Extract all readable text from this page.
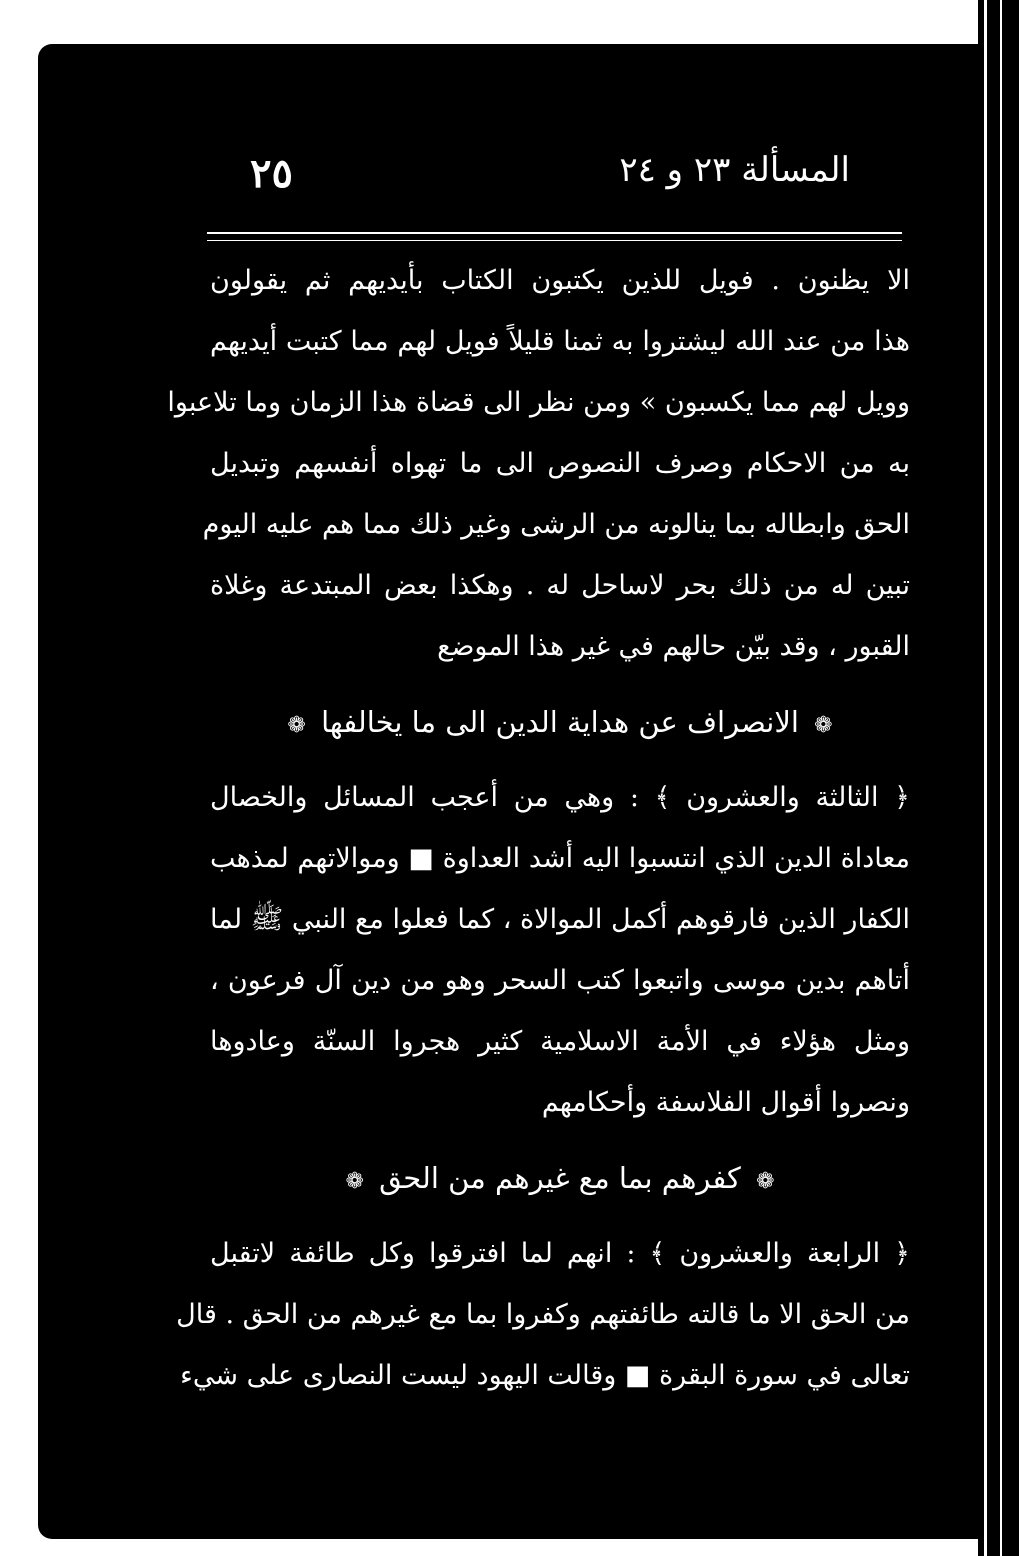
المسألة ٢٣ و ٢٤
٢٥
الا يظنون . فويل للذين يكتبون الكتاب بأيديهم ثم يقولون
هذا من عند الله ليشتروا به ثمنا قليلاً فويل لهم مما كتبت أيديهم
وويل لهم مما يكسبون » ومن نظر الى قضاة هذا الزمان وما تلاعبوا
به من الاحكام وصرف النصوص الى ما تهواه أنفسهم وتبديل
الحق وابطاله بما ينالونه من الرشى وغير ذلك مما هم عليه اليوم
تبين له من ذلك بحر لاساحل له . وهكذا بعض المبتدعة وغلاة
القبور ، وقد بيّن حالهم في غير هذا الموضع
❁ الانصراف عن هداية الدين الى ما يخالفها ❁
﴿ الثالثة والعشرون ﴾ : وهي من أعجب المسائل والخصال
معاداة الدين الذي انتسبوا اليه أشد العداوة ■ وموالاتهم لمذهب
الكفار الذين فارقوهم أكمل الموالاة ، كما فعلوا مع النبي ﷺ لما
أتاهم بدين موسى واتبعوا كتب السحر وهو من دين آل فرعون ،
ومثل هؤلاء في الأمة الاسلامية كثير هجروا السنّة وعادوها
ونصروا أقوال الفلاسفة وأحكامهم
❁ كفرهم بما مع غيرهم من الحق ❁
﴿ الرابعة والعشرون ﴾ : انهم لما افترقوا وكل طائفة لاتقبل
من الحق الا ما قالته طائفتهم وكفروا بما مع غيرهم من الحق . قال
تعالى في سورة البقرة ■ وقالت اليهود ليست النصارى على شيء
